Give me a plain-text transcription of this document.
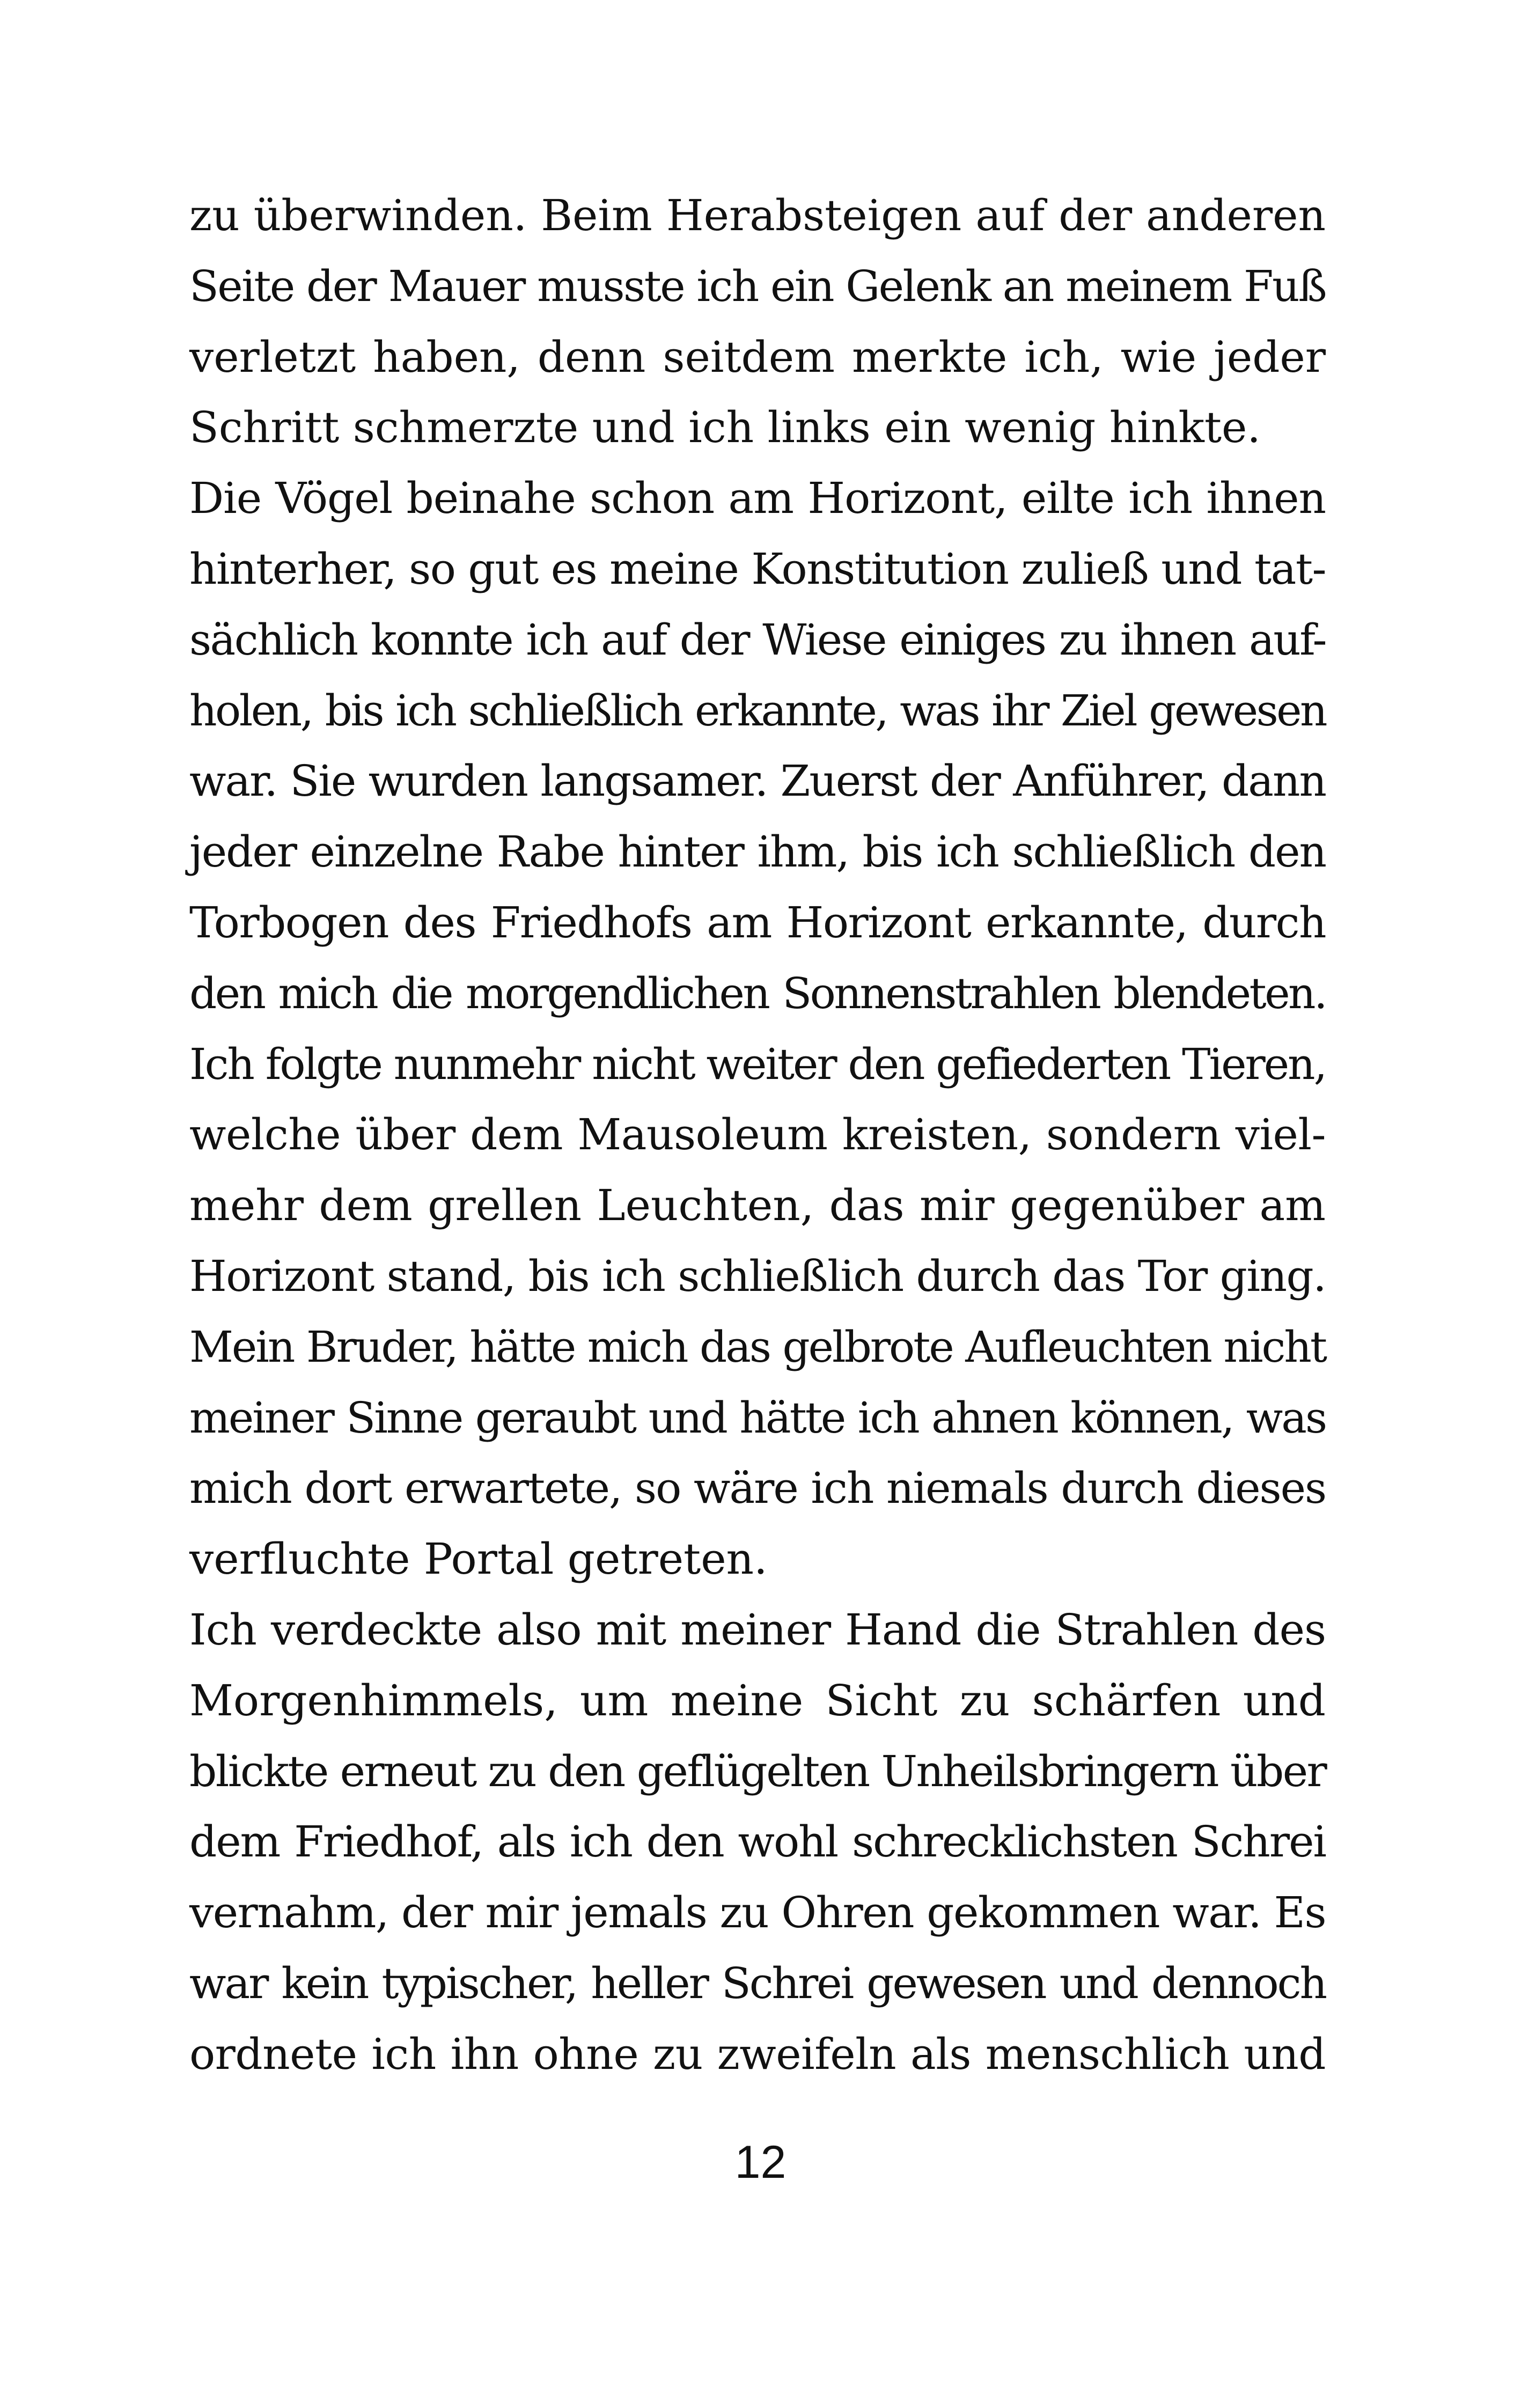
zu überwinden. Beim Herabsteigen auf der anderen
Seite der Mauer musste ich ein Gelenk an meinem Fuß
verletzt haben, denn seitdem merkte ich, wie jeder
Schritt schmerzte und ich links ein wenig hinkte.
Die Vögel beinahe schon am Horizont, eilte ich ihnen
hinterher, so gut es meine Konstitution zuließ und tat-
sächlich konnte ich auf der Wiese einiges zu ihnen auf-
holen, bis ich schließlich erkannte, was ihr Ziel gewesen
war. Sie wurden langsamer. Zuerst der Anführer, dann
jeder einzelne Rabe hinter ihm, bis ich schließlich den
Torbogen des Friedhofs am Horizont erkannte, durch
den mich die morgendlichen Sonnenstrahlen blendeten.
Ich folgte nunmehr nicht weiter den gefiederten Tieren,
welche über dem Mausoleum kreisten, sondern viel-
mehr dem grellen Leuchten, das mir gegenüber am
Horizont stand, bis ich schließlich durch das Tor ging.
Mein Bruder, hätte mich das gelbrote Aufleuchten nicht
meiner Sinne geraubt und hätte ich ahnen können, was
mich dort erwartete, so wäre ich niemals durch dieses
verfluchte Portal getreten.
Ich verdeckte also mit meiner Hand die Strahlen des
Morgenhimmels, um meine Sicht zu schärfen und
blickte erneut zu den geflügelten Unheilsbringern über
dem Friedhof, als ich den wohl schrecklichsten Schrei
vernahm, der mir jemals zu Ohren gekommen war. Es
war kein typischer, heller Schrei gewesen und dennoch
ordnete ich ihn ohne zu zweifeln als menschlich und
12
